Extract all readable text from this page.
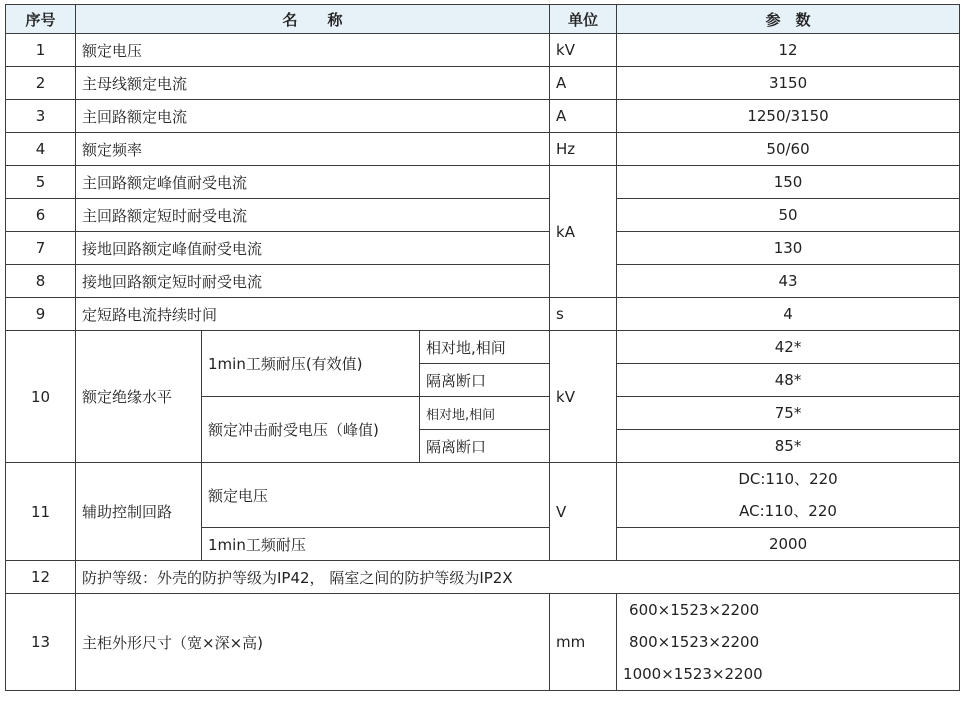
序号	名　　称			单位	参　数
1	额定电压			kV	12
2	主母线额定电流			A	3150
3	主回路额定电流			A	1250/3150
4	额定频率			Hz	50/60
5	主回路额定峰值耐受电流			kA	150
6	主回路额定短时耐受电流				50
7	接地回路额定峰值耐受电流				130
8	接地回路额定短时耐受电流				43
9	定短路电流持续时间			s	4
10	额定绝缘水平	1min工频耐压(有效值)	相对地,相间	kV	42*
			隔离断口		48*
		额定冲击耐受电压（峰值)	相对地,相间		75*
			隔离断口		85*
11	辅助控制回路	额定电压		V	DC:110、220
AC:110、220

		1min工频耐压			2000
12	防护等级：外壳的防护等级为IP42， 隔室之间的防护等级为IP2X				
13	主柜外形尺寸（宽×深×高)			mm	600×1523×2200
800×1523×2200
1000×1523×2200
